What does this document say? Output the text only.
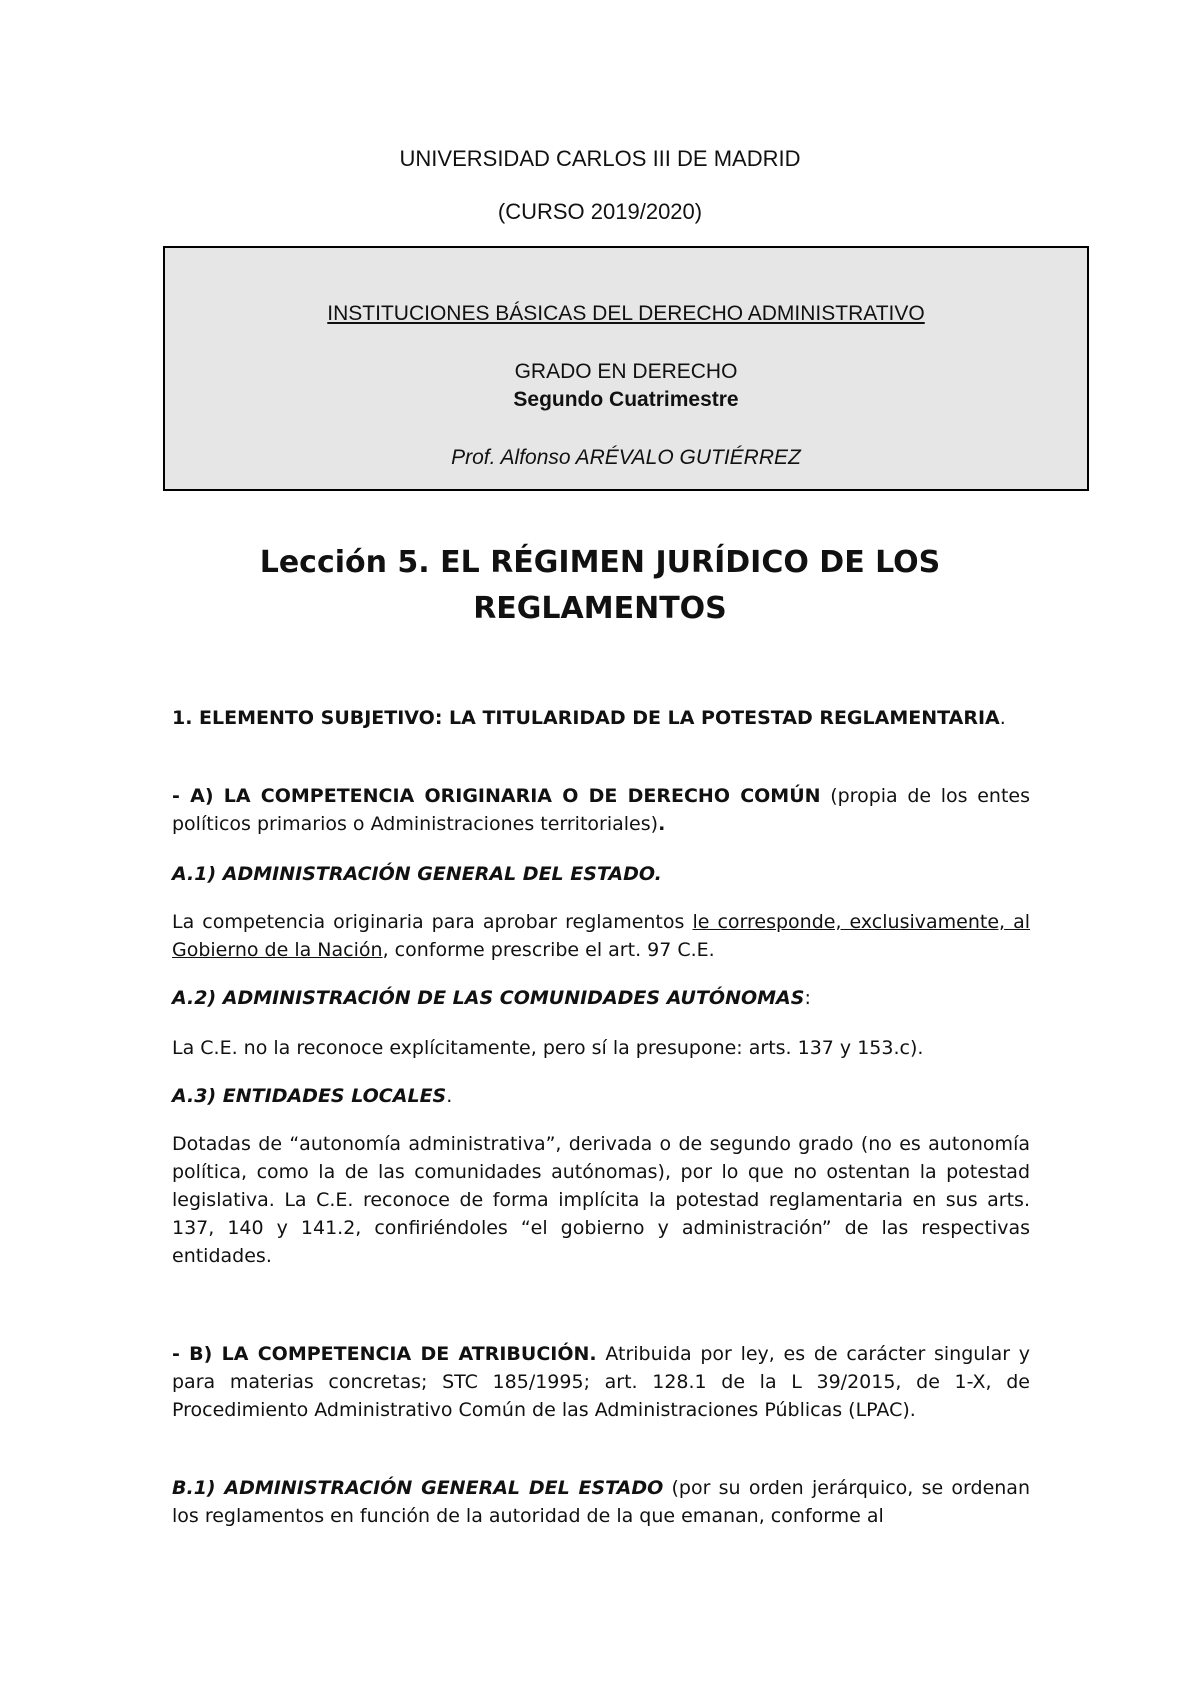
UNIVERSIDAD CARLOS III DE MADRID
(CURSO 2019/2020)
INSTITUCIONES BÁSICAS DEL DERECHO ADMINISTRATIVO
GRADO EN DERECHO
Segundo Cuatrimestre
Prof. Alfonso ARÉVALO GUTIÉRREZ
Lección 5. EL RÉGIMEN JURÍDICO DE LOS
REGLAMENTOS
1. ELEMENTO SUBJETIVO: LA TITULARIDAD DE LA POTESTAD REGLAMENTARIA.
- A) LA COMPETENCIA ORIGINARIA O DE DERECHO COMÚN (propia de los entes políticos primarios o Administraciones territoriales).
A.1) ADMINISTRACIÓN GENERAL DEL ESTADO.
La competencia originaria para aprobar reglamentos le corresponde, exclusivamente, al Gobierno de la Nación, conforme prescribe el art. 97 C.E.
A.2) ADMINISTRACIÓN DE LAS COMUNIDADES AUTÓNOMAS:
La C.E. no la reconoce explícitamente, pero sí la presupone: arts. 137 y 153.c).
A.3) ENTIDADES LOCALES.
Dotadas de “autonomía administrativa”, derivada o de segundo grado (no es autonomía política, como la de las comunidades autónomas), por lo que no ostentan la potestad legislativa. La C.E. reconoce de forma implícita la potestad reglamentaria en sus arts. 137, 140 y 141.2, confiriéndoles “el gobierno y administración” de las respectivas entidades.
- B) LA COMPETENCIA DE ATRIBUCIÓN. Atribuida por ley, es de carácter singular y para materias concretas; STC 185/1995; art. 128.1 de la L 39/2015, de 1-X, de Procedimiento Administrativo Común de las Administraciones Públicas (LPAC).
B.1) ADMINISTRACIÓN GENERAL DEL ESTADO (por su orden jerárquico, se ordenan los reglamentos en función de la autoridad de la que emanan, conforme al
